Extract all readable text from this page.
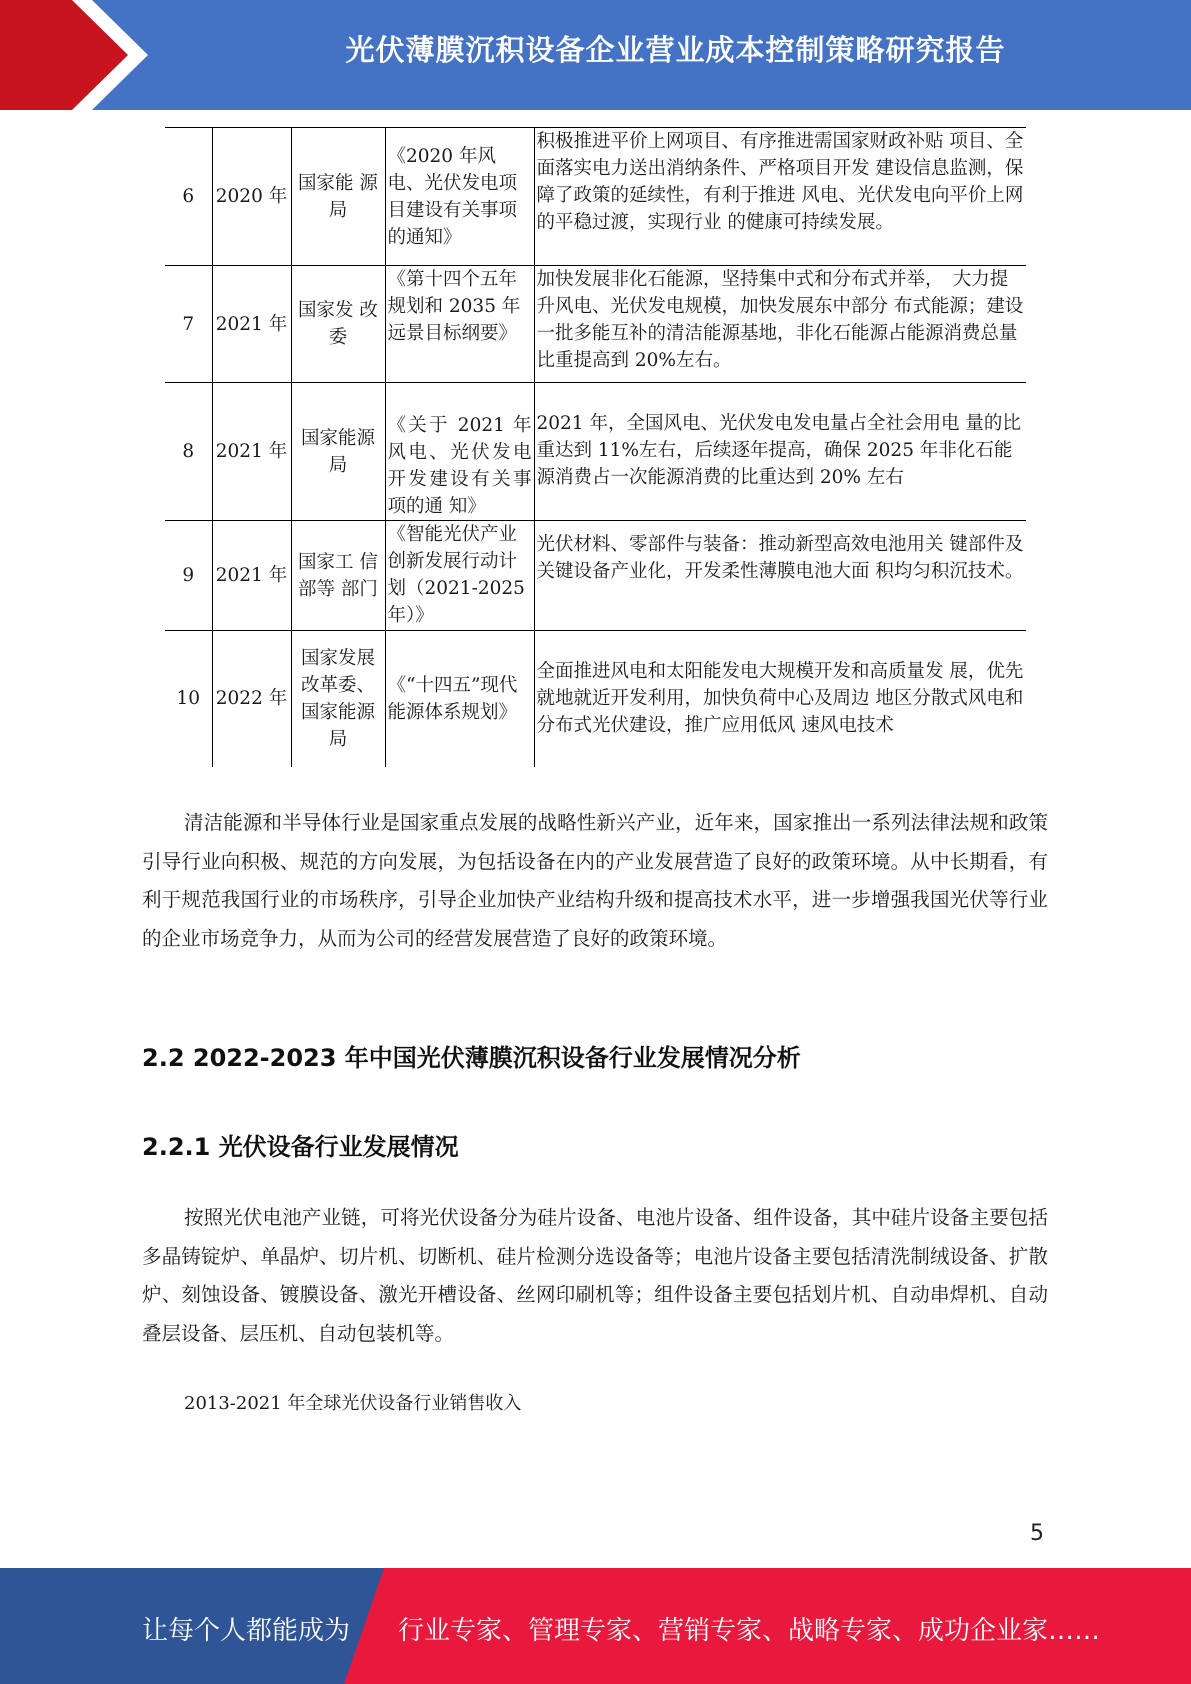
光伏薄膜沉积设备企业营业成本控制策略研究报告
6	2020 年	国家能 源局	《2020 年风电、光伏发电项目建设有关事项的通知》	积极推进平价上网项目、有序推进需国家财政补贴 项目、全面落实电力送出消纳条件、严格项目开发 建设信息监测，保障了政策的延续性，有利于推进 风电、光伏发电向平价上网的平稳过渡，实现行业 的健康可持续发展。
7	2021 年	国家发 改委	《第十四个五年规划和 2035 年远景目标纲要》	加快发展非化石能源，坚持集中式和分布式并举，　大力提升风电、光伏发电规模，加快发展东中部分 布式能源；建设一批多能互补的清洁能源基地，非化石能源占能源消费总量比重提高到 20%左右。
8	2021 年	国家能源局	《关于 2021 年风电、光伏发电开发建设有关事项的通 知》	2021 年，全国风电、光伏发电发电量占全社会用电 量的比重达到 11%左右，后续逐年提高，确保 2025 年非化石能源消费占一次能源消费的比重达到 20% 左右
9	2021 年	国家工 信部等 部门	《智能光伏产业创新发展行动计划（2021-2025 年）》	光伏材料、零部件与装备：推动新型高效电池用关 键部件及关键设备产业化，开发柔性薄膜电池大面 积均匀积沉技术。
10	2022 年	国家发展改革委、国家能源局	《“十四五”现代能源体系规划》	全面推进风电和太阳能发电大规模开发和高质量发 展，优先就地就近开发利用，加快负荷中心及周边 地区分散式风电和分布式光伏建设，推广应用低风 速风电技术
清洁能源和半导体行业是国家重点发展的战略性新兴产业，近年来，国家推出一系列法律法规和政策引导行业向积极、规范的方向发展，为包括设备在内的产业发展营造了良好的政策环境。从中长期看，有利于规范我国行业的市场秩序，引导企业加快产业结构升级和提高技术水平，进一步增强我国光伏等行业的企业市场竞争力，从而为公司的经营发展营造了良好的政策环境。
2.2 2022-2023 年中国光伏薄膜沉积设备行业发展情况分析
2.2.1 光伏设备行业发展情况
按照光伏电池产业链，可将光伏设备分为硅片设备、电池片设备、组件设备，其中硅片设备主要包括多晶铸锭炉、单晶炉、切片机、切断机、硅片检测分选设备等；电池片设备主要包括清洗制绒设备、扩散炉、刻蚀设备、镀膜设备、激光开槽设备、丝网印刷机等；组件设备主要包括划片机、自动串焊机、自动叠层设备、层压机、自动包装机等。
2013-2021 年全球光伏设备行业销售收入
5
让每个人都能成为 行业专家、管理专家、营销专家、战略专家、成功企业家……
